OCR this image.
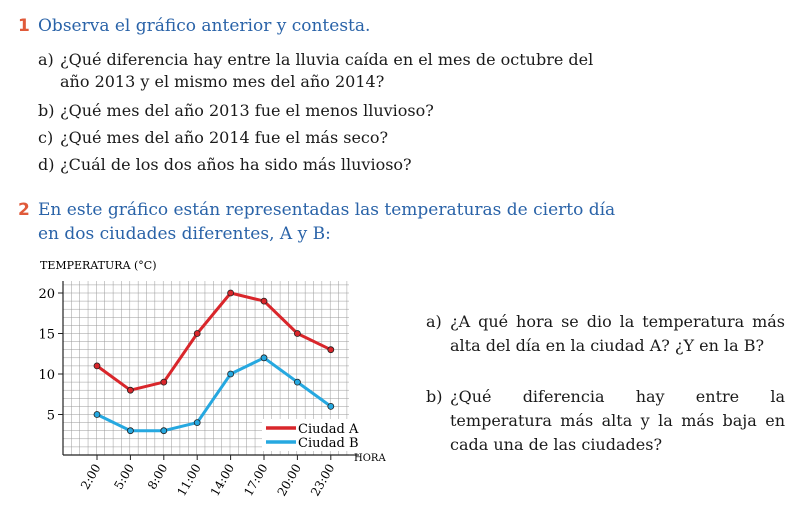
1 Observa el gráfico anterior y contesta.
a) ¿Qué diferencia hay entre la lluvia caída en el mes de octubre del
año 2013 y el mismo mes del año 2014?
b) ¿Qué mes del año 2013 fue el menos lluvioso?
c) ¿Qué mes del año 2014 fue el más seco?
d) ¿Cuál de los dos años ha sido más lluvioso?
2 En este gráfico están representadas las temperaturas de cierto día
en dos ciudades diferentes, A y B:
TEMPERATURA (°C)
5
10
15
20
2:00 5:00 8:00 11:00 14:00 17:00 20:00 23:00
Ciudad A
Ciudad B
HORA
a) ¿A qué hora se dio la temperatura más alta del día en la ciudad A? ¿Y en la B?
b) ¿Qué diferencia hay entre la temperatura más alta y la más baja en cada una de las ciudades?
